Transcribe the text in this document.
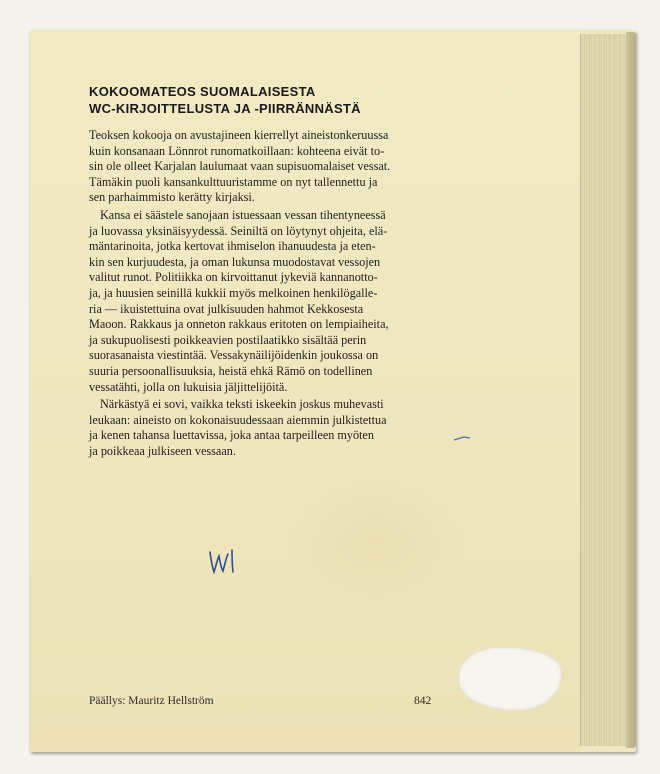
KOKOOMATEOS SUOMALAISESTA
WC-KIRJOITTELUSTA JA -PIIRRÄNNÄSTÄ

Teoksen kokooja on avustajineen kierrellyt aineistonkeruussa
kuin konsanaan Lönnrot runomatkoillaan: kohteena eivät to-
sin ole olleet Karjalan laulumaat vaan supisuomalaiset vessat.
Tämäkin puoli kansankulttuuristamme on nyt tallennettu ja
sen parhaimmisto kerätty kirjaksi.

Kansa ei säästele sanojaan istuessaan vessan tihentyneessä
ja luovassa yksinäisyydessä. Seiniltä on löytynyt ohjeita, elä-
mäntarinoita, jotka kertovat ihmiselon ihanuudesta ja eten-
kin sen kurjuudesta, ja oman lukunsa muodostavat vessojen
valitut runot. Politiikka on kirvoittanut jykeviä kannanotto-
ja, ja huusien seinillä kukkii myös melkoinen henkilögalle-
ria — ikuistettuina ovat julkisuuden hahmot Kekkosesta
Maoon. Rakkaus ja onneton rakkaus eritoten on lempiaiheita,
ja sukupuolisesti poikkeavien postilaatikko sisältää perin
suorasanaista viestintää. Vessakynäilijöidenkin joukossa on
suuria persoonallisuuksia, heistä ehkä Rämö on todellinen
vessatähti, jolla on lukuisia jäljittelijöitä.

Närkästyä ei sovi, vaikka teksti iskeekin joskus muhevasti
leukaan: aineisto on kokonaisuudessaan aiemmin julkistettua
ja kenen tahansa luettavissa, joka antaa tarpeilleen myöten
ja poikkeaa julkiseen vessaan.

Päällys: Mauritz Hellström	842
